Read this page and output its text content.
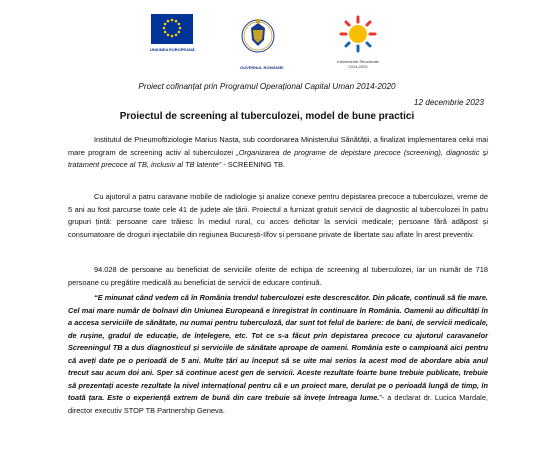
UNIUNEA EUROPEANĂ
GUVERNUL ROMÂNIEI
Instrumente Structurale
2014-2020
Proiect cofinanțat prin Programul Operațional Capital Uman 2014-2020
12 decembrie 2023
Proiectul de screening al tuberculozei, model de bune practici
Institutul de Pneumoftiziologie Marius Nasta, sub coordonarea Ministerului Sănătății, a finalizat implementarea celui mai mare program de screening activ al tuberculozei „Organizarea de programe de depistare precoce (screening), diagnostic și tratament precoce al TB, inclusiv al TB latente” - SCREENING TB.
Cu ajutorul a patru caravane mobile de radiologie și analize conexe pentru depistarea precoce a tuberculozei, vreme de 5 ani au fost parcurse toate cele 41 de județe ale țării. Proiectul a furnizat gratuit servicii de diagnostic al tuberculozei în patru grupuri țintă: persoane care trăiesc în mediul rural, cu acces deficitar la servicii medicale; persoane fără adăpost și consumatoare de droguri injectabile din regiunea București-Ilfov și persoane private de libertate sau aflate în arest preventiv.
94.028 de persoane au beneficiat de serviciile oferite de echipa de screening al tuberculozei, iar un număr de 718 persoane cu pregătire medicală au beneficiat de servicii de educare continuă.
“E minunat când vedem că în România trendul tuberculozei este descrescător. Din păcate, continuă să fie mare. Cel mai mare număr de bolnavi din Uniunea Europeană e înregistrat în continuare în România. Oamenii au dificultăți în a accesa serviciile de sănătate, nu numai pentru tuberculoză, dar sunt tot felul de bariere: de bani, de servicii medicale, de rușine, gradul de educație, de înțelegere, etc. Tot ce s-a făcut prin depistarea precoce cu ajutorul caravanelor Screeningul TB a dus diagnosticul și serviciile de sănătate aproape de oameni. România este o campioană aici pentru că aveți date pe o perioadă de 5 ani. Multe țări au început să se uite mai serios la acest mod de abordare abia anul trecut sau acum doi ani. Sper să continue acest gen de servicii. Aceste rezultate foarte bune trebuie publicate, trebuie să prezentați aceste rezultate la nivel internațional pentru că e un proiect mare, derulat pe o perioadă lungă de timp, în toată țara. Este o experiență extrem de bună din care trebuie să învețe întreaga lume.”- a declarat dr. Lucica Mardale, director executiv STOP TB Partnership Geneva.
